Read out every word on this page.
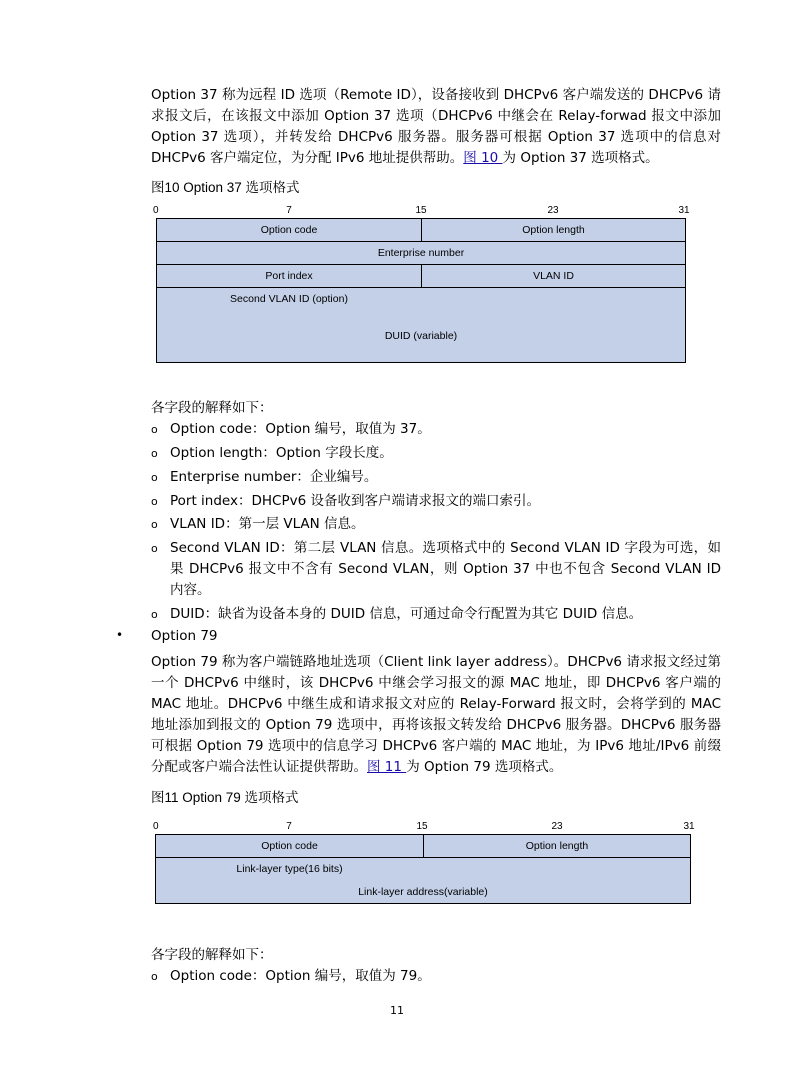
Option 37 称为远程 ID 选项（Remote ID），设备接收到 DHCPv6 客户端发送的 DHCPv6 请求报文后，在该报文中添加 Option 37 选项（DHCPv6 中继会在 Relay-forwad 报文中添加 Option 37 选项），并转发给 DHCPv6 服务器。服务器可根据 Option 37 选项中的信息对 DHCPv6 客户端定位，为分配 IPv6 地址提供帮助。图 10 为 Option 37 选项格式。

图10 Option 37 选项格式
0	7	15	23	31
Option code	Option length
Enterprise number
Port index	VLAN ID
Second VLAN ID (option)
DUID (variable)
各字段的解释如下：
o Option code：Option 编号，取值为 37。
o Option length：Option 字段长度。
o Enterprise number：企业编号。
o Port index：DHCPv6 设备收到客户端请求报文的端口索引。
o VLAN ID：第一层 VLAN 信息。
o Second VLAN ID：第二层 VLAN 信息。选项格式中的 Second VLAN ID 字段为可选，如果 DHCPv6 报文中不含有 Second VLAN，则 Option 37 中也不包含 Second VLAN ID 内容。
o DUID：缺省为设备本身的 DUID 信息，可通过命令行配置为其它 DUID 信息。
• Option 79

Option 79 称为客户端链路地址选项（Client link layer address）。DHCPv6 请求报文经过第一个 DHCPv6 中继时，该 DHCPv6 中继会学习报文的源 MAC 地址，即 DHCPv6 客户端的 MAC 地址。DHCPv6 中继生成和请求报文对应的 Relay-Forward 报文时，会将学到的 MAC 地址添加到报文的 Option 79 选项中，再将该报文转发给 DHCPv6 服务器。DHCPv6 服务器可根据 Option 79 选项中的信息学习 DHCPv6 客户端的 MAC 地址，为 IPv6 地址/IPv6 前缀分配或客户端合法性认证提供帮助。图 11 为 Option 79 选项格式。

图11 Option 79 选项格式
0	7	15	23	31
Option code	Option length
Link-layer type(16 bits)
Link-layer address(variable)
各字段的解释如下：
o Option code：Option 编号，取值为 79。
11
